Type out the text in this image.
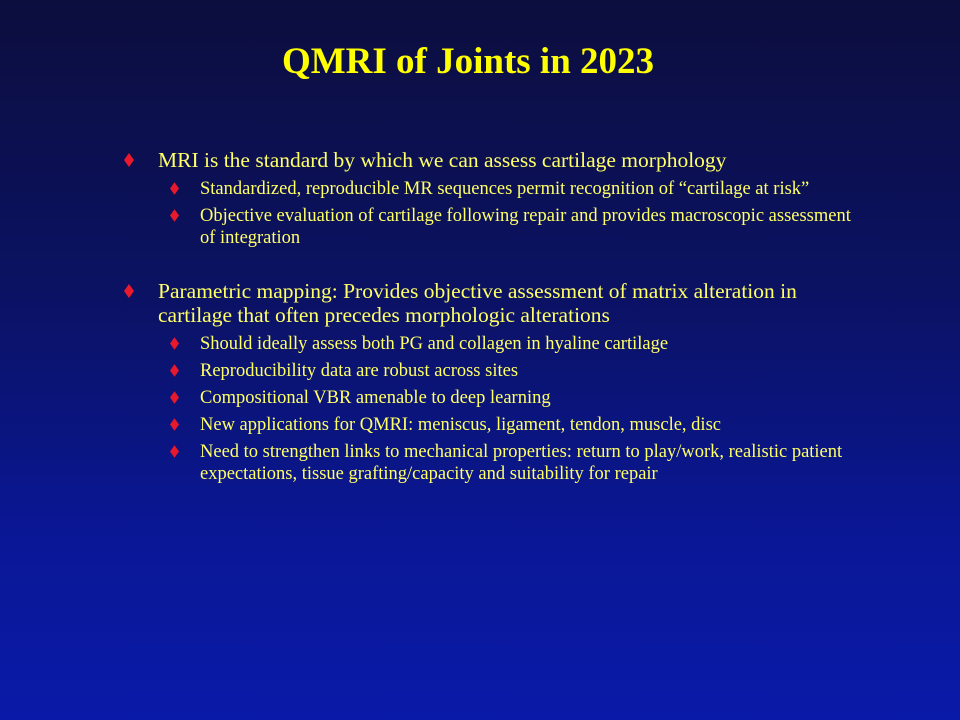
QMRI of Joints in 2023
MRI is the standard by which we can assess cartilage morphology
Standardized, reproducible MR sequences permit recognition of “cartilage at risk”
Objective evaluation of cartilage following repair and provides macroscopic assessment of integration
Parametric mapping: Provides objective assessment of matrix alteration in cartilage that often precedes morphologic alterations
Should ideally assess both PG and collagen in hyaline cartilage
Reproducibility data are robust across sites
Compositional VBR amenable to deep learning
New applications for QMRI: meniscus, ligament, tendon, muscle, disc
Need to strengthen links to mechanical properties: return to play/work, realistic patient expectations, tissue grafting/capacity and suitability for repair
